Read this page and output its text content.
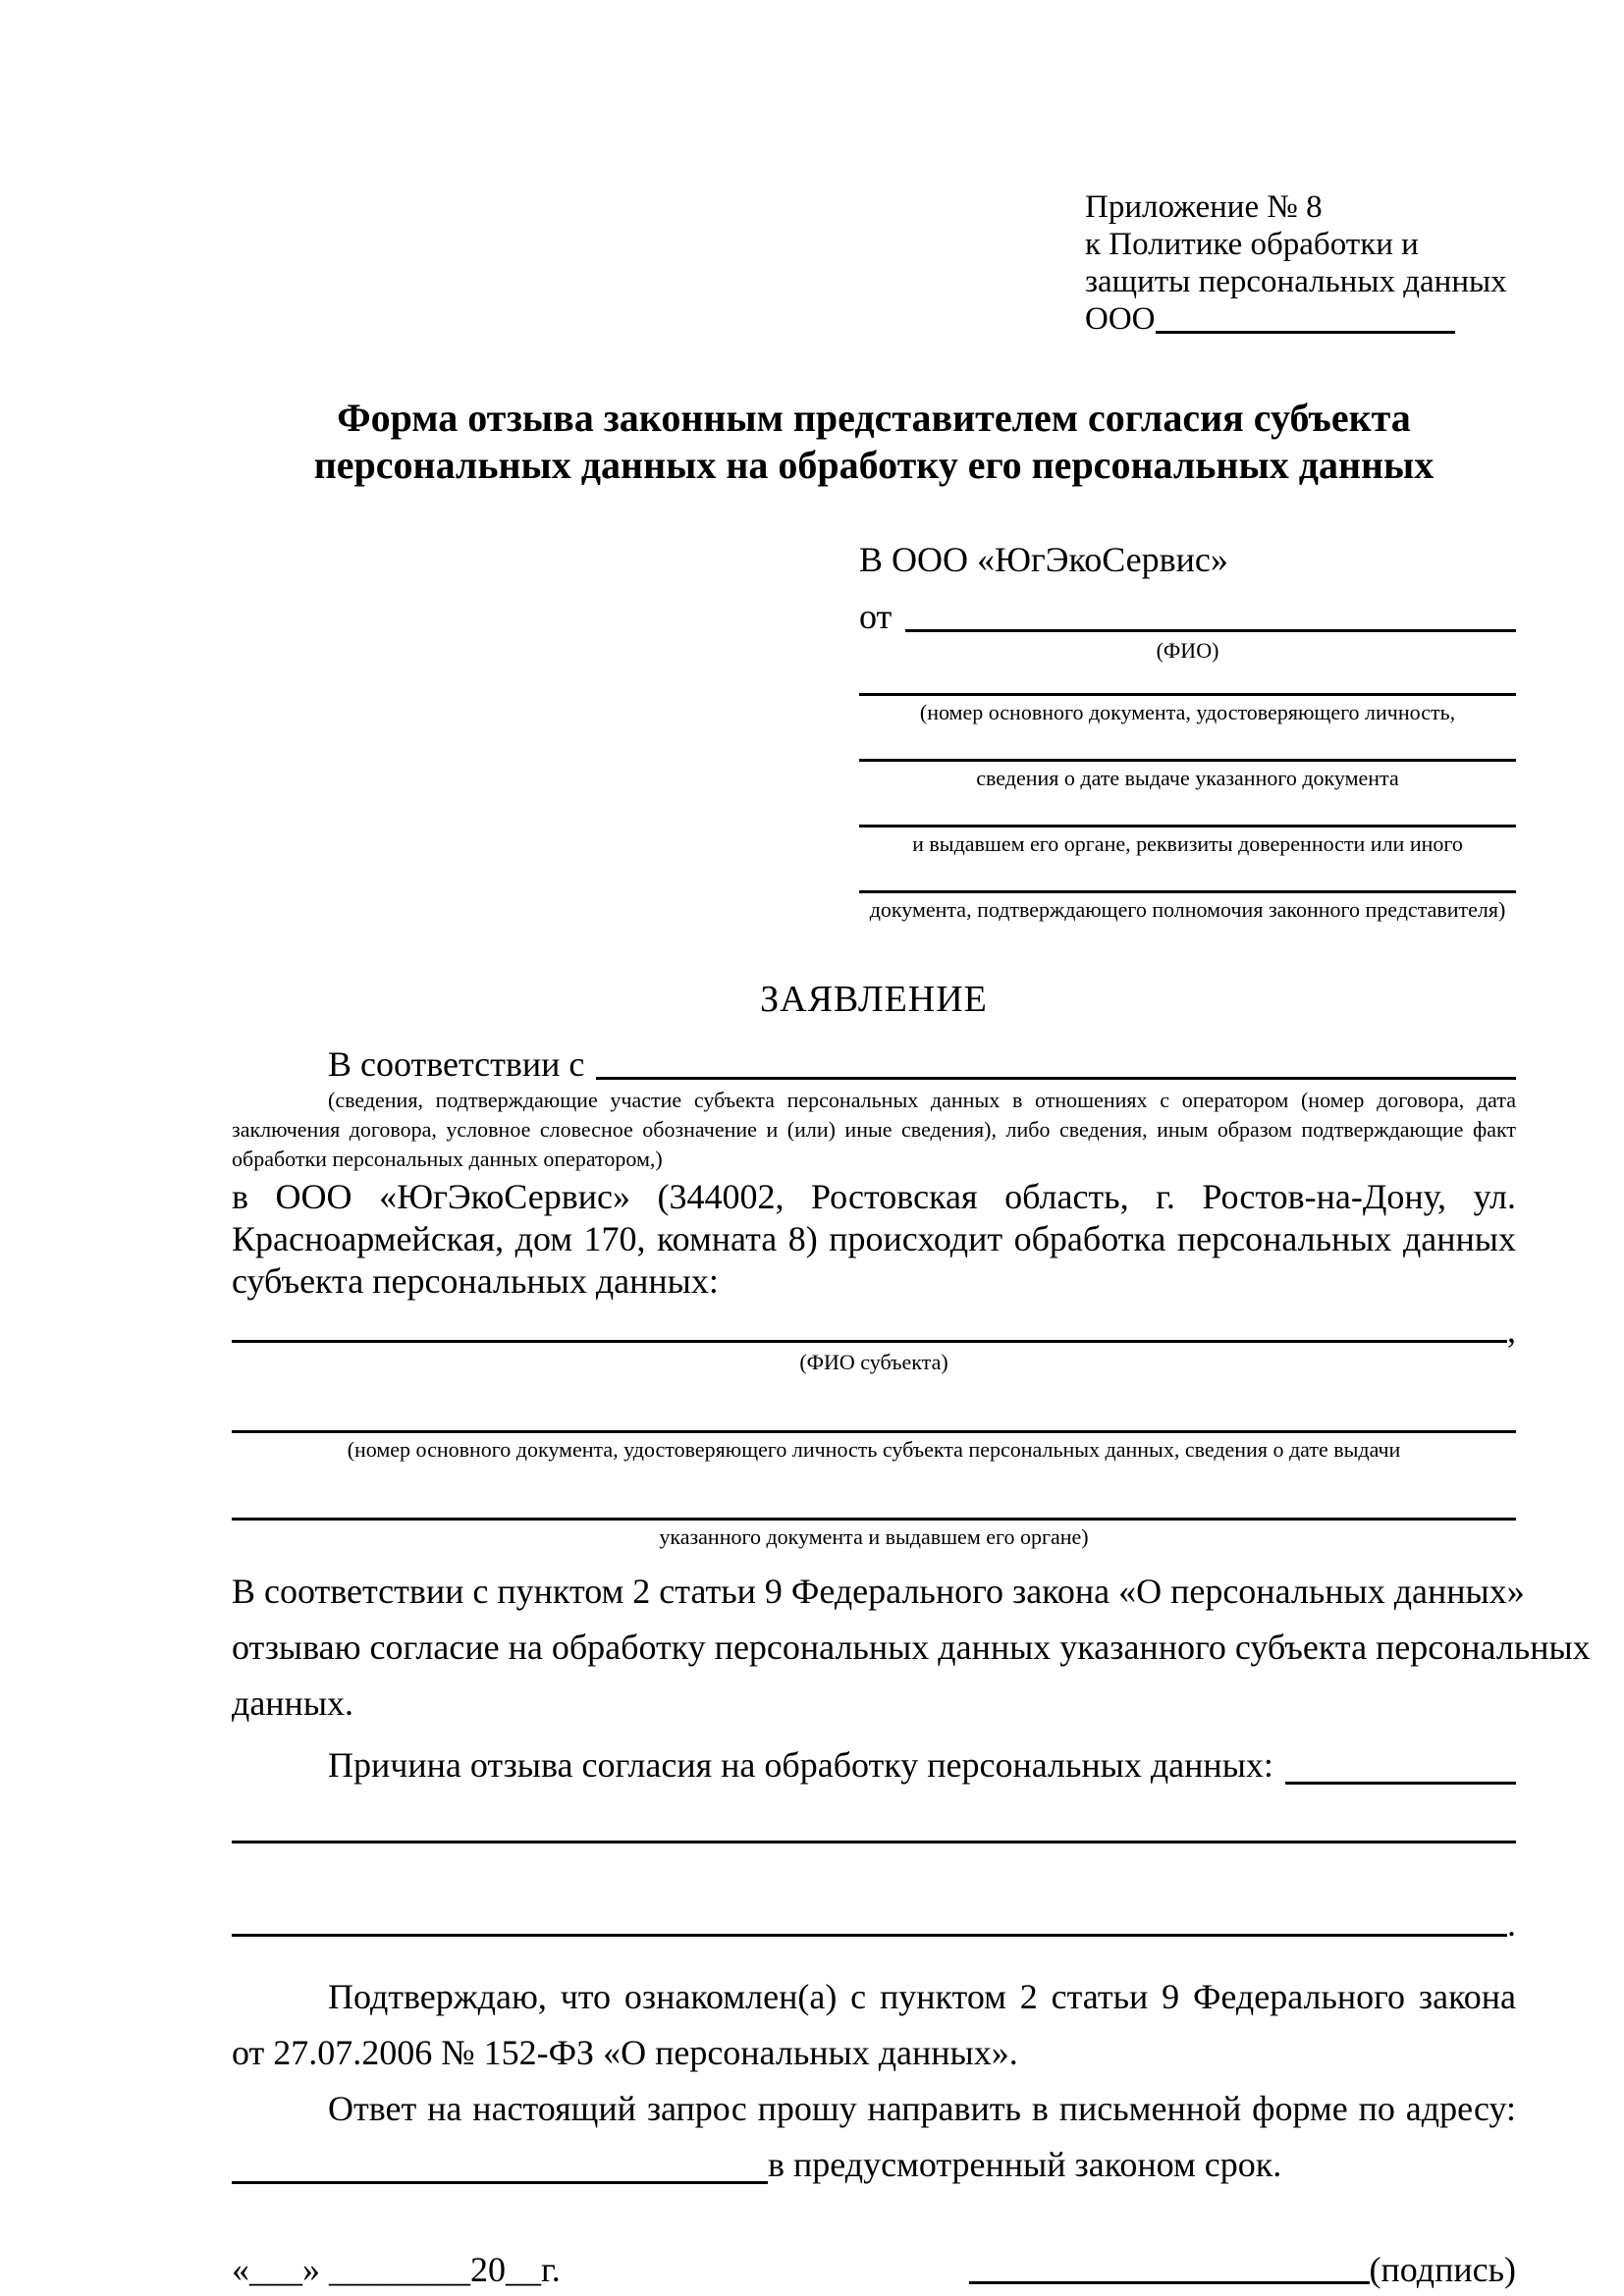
Приложение № 8
к Политике обработки и
защиты персональных данных
ООО
Форма отзыва законным представителем согласия субъекта
персональных данных на обработку его персональных данных
В ООО «ЮгЭкоСервис»
от
(ФИО)
(номер основного документа, удостоверяющего личность,
сведения о дате выдаче указанного документа
и выдавшем его органе, реквизиты доверенности или иного
документа, подтверждающего полномочия законного представителя)
ЗАЯВЛЕНИЕ
В соответствии с
(сведения, подтверждающие участие субъекта персональных данных в отношениях с оператором (номер договора, дата
заключения договора, условное словесное обозначение и (или) иные сведения), либо сведения, иным образом подтверждающие факт
обработки персональных данных оператором,)
в ООО «ЮгЭкоСервис» (344002, Ростовская область, г. Ростов-на-Дону, ул.
Красноармейская, дом 170, комната 8) происходит обработка персональных данных
субъекта персональных данных:
,
(ФИО субъекта)
(номер основного документа, удостоверяющего личность субъекта персональных данных, сведения о дате выдачи
указанного документа и выдавшем его органе)
В соответствии с пунктом 2 статьи 9 Федерального закона «О персональных данных»
отзываю согласие на обработку персональных данных указанного субъекта персональных
данных.
Причина отзыва согласия на обработку персональных данных:
.
Подтверждаю, что ознакомлен(а) с пунктом 2 статьи 9 Федерального закона
от 27.07.2006 № 152-ФЗ «О персональных данных».
Ответ на настоящий запрос прошу направить в письменной форме по адресу:
в предусмотренный законом срок.
«___» ________20__г.	(подпись)
